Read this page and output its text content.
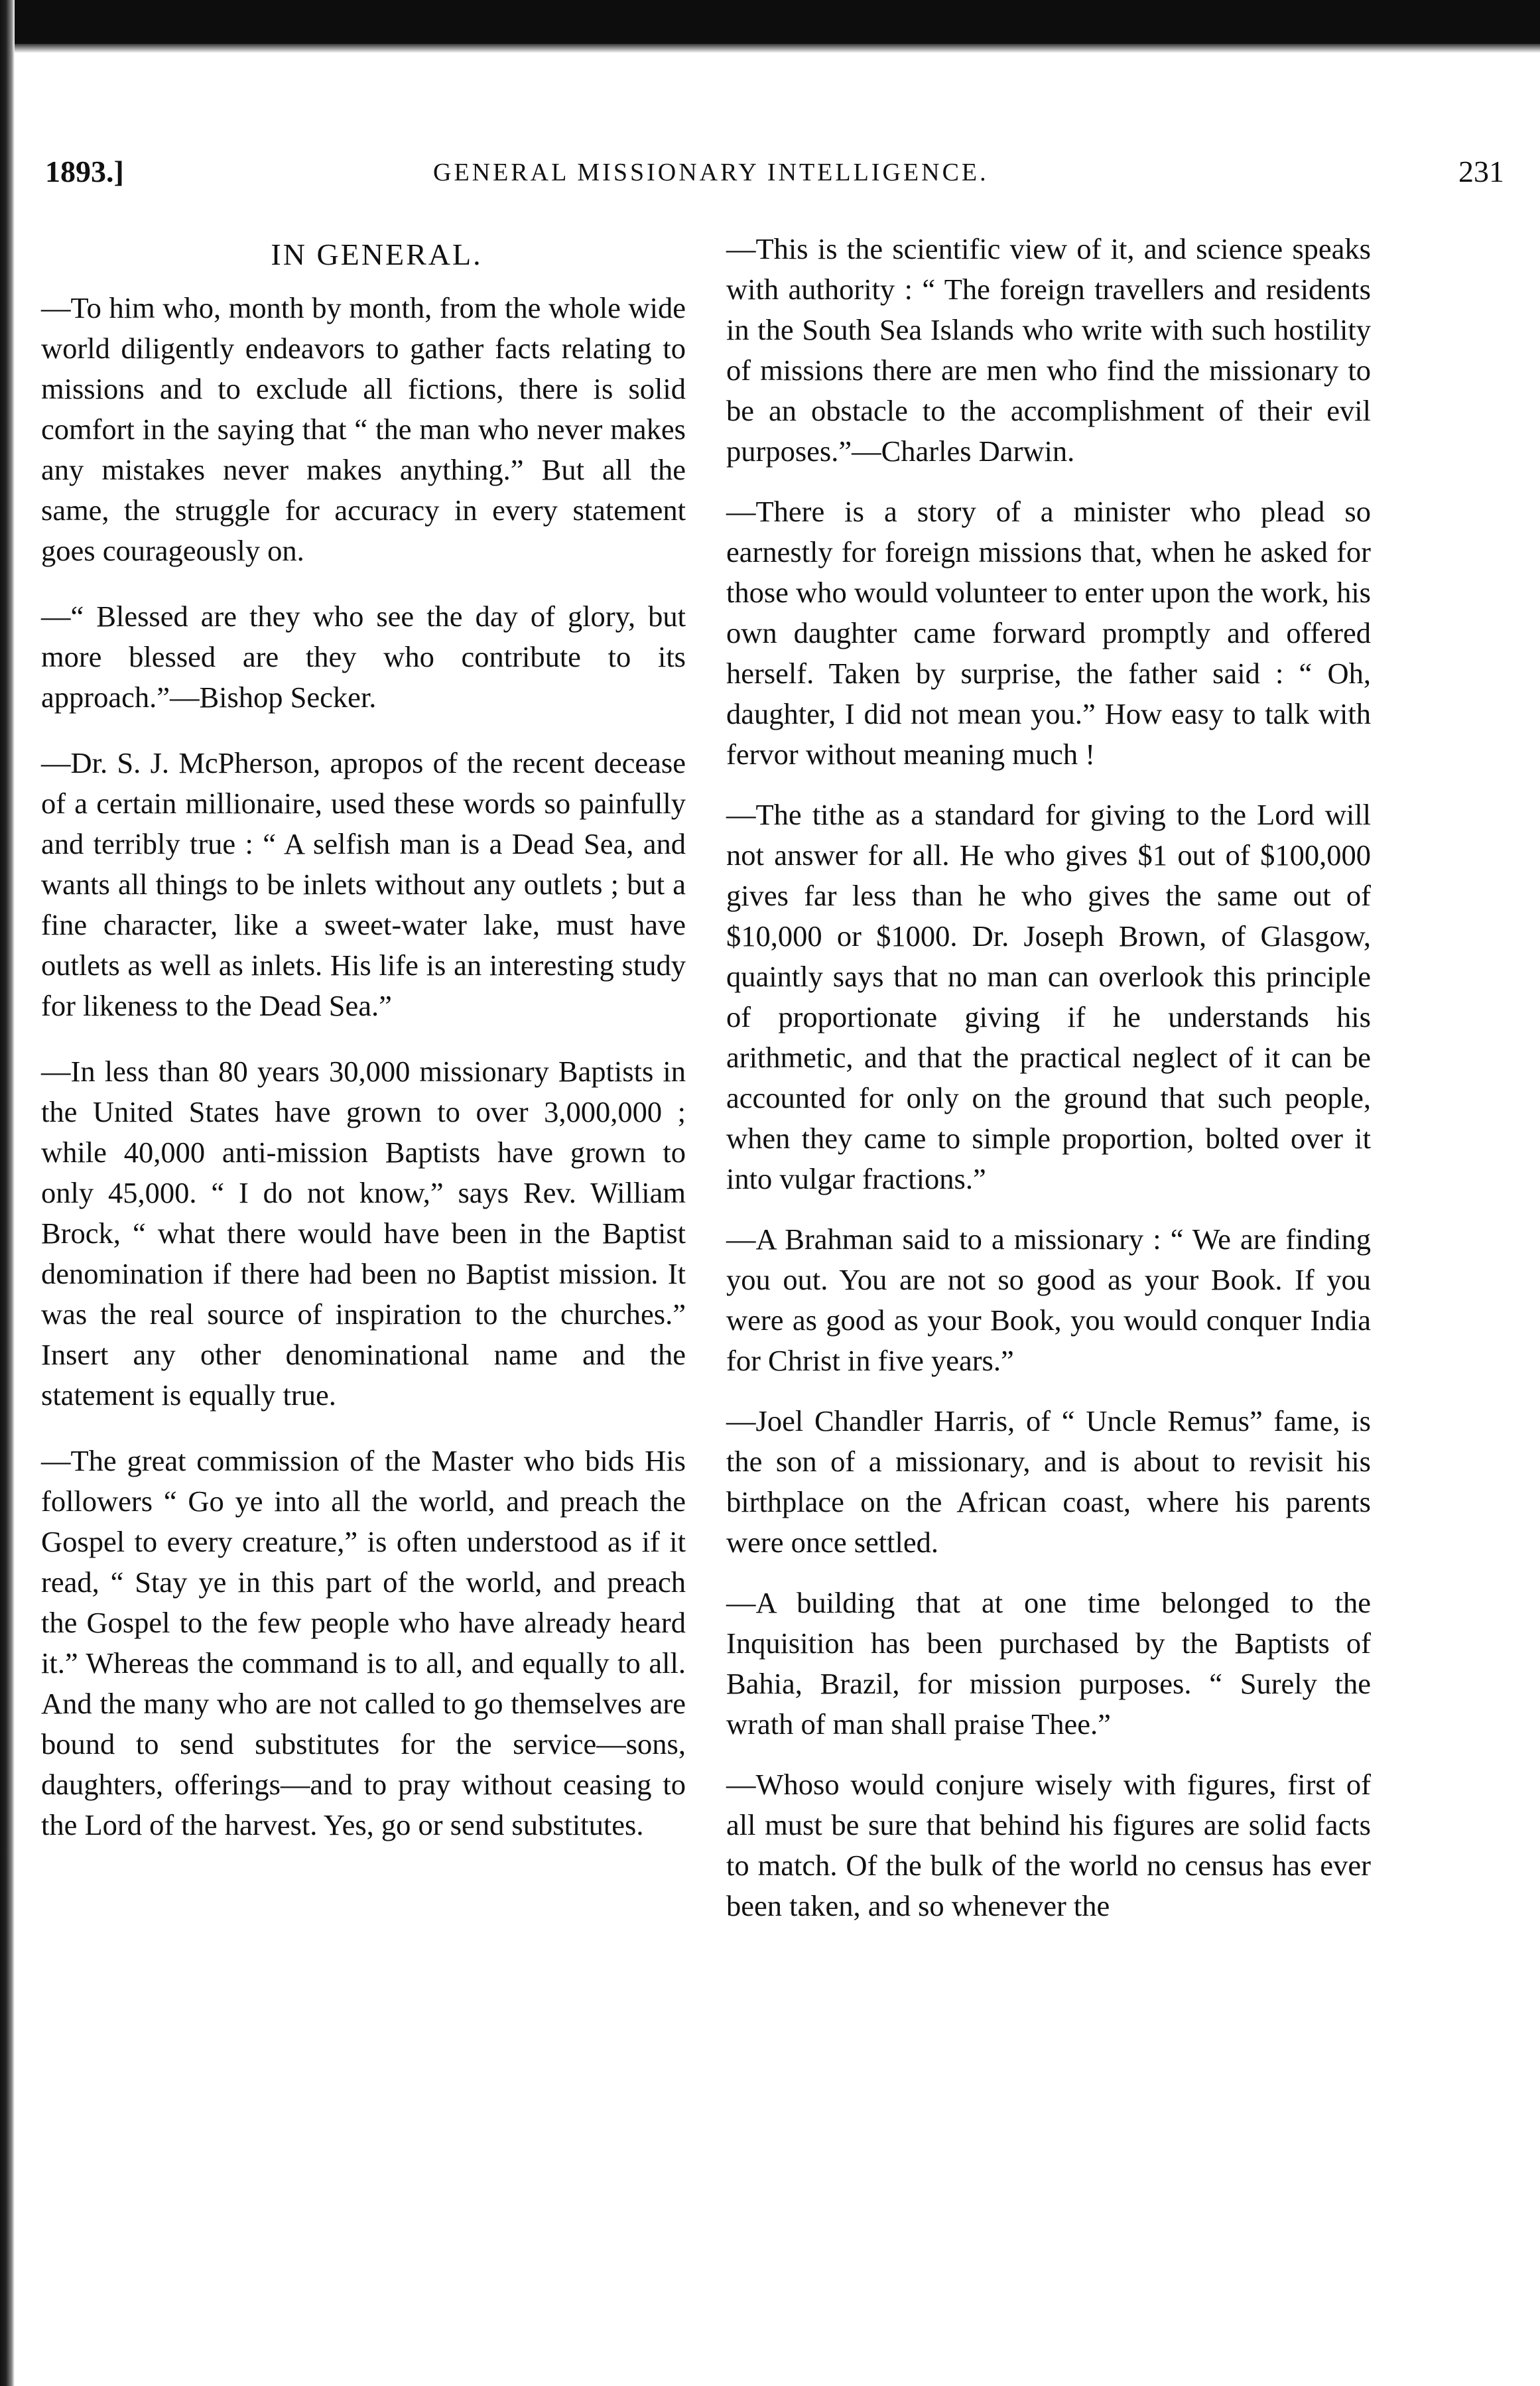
1893.]	GENERAL MISSIONARY INTELLIGENCE.	231
IN GENERAL.

—To him who, month by month, from the whole wide world diligently endeavors to gather facts relating to missions and to exclude all fictions, there is solid comfort in the saying that “ the man who never makes any mistakes never makes anything.” But all the same, the struggle for accuracy in every statement goes courageously on.

—“ Blessed are they who see the day of glory, but more blessed are they who contribute to its approach.”—Bishop Secker.

—Dr. S. J. McPherson, apropos of the recent decease of a certain millionaire, used these words so painfully and terribly true : “ A selfish man is a Dead Sea, and wants all things to be inlets without any outlets ; but a fine character, like a sweet-water lake, must have outlets as well as inlets. His life is an interesting study for likeness to the Dead Sea.”

—In less than 80 years 30,000 missionary Baptists in the United States have grown to over 3,000,000 ; while 40,000 anti-mission Baptists have grown to only 45,000. “ I do not know,” says Rev. William Brock, “ what there would have been in the Baptist denomination if there had been no Baptist mission. It was the real source of inspiration to the churches.” Insert any other denominational name and the statement is equally true.

—The great commission of the Master who bids His followers “ Go ye into all the world, and preach the Gospel to every creature,” is often understood as if it read, “ Stay ye in this part of the world, and preach the Gospel to the few people who have already heard it.” Whereas the command is to all, and equally to all. And the many who are not called to go themselves are bound to send substitutes for the service—sons, daughters, offerings—and to pray without ceasing to the Lord of the harvest. Yes, go or send substitutes.

—This is the scientific view of it, and science speaks with authority : “ The foreign travellers and residents in the South Sea Islands who write with such hostility of missions there are men who find the missionary to be an obstacle to the accomplishment of their evil purposes.”—Charles Darwin.

—There is a story of a minister who plead so earnestly for foreign missions that, when he asked for those who would volunteer to enter upon the work, his own daughter came forward promptly and offered herself. Taken by surprise, the father said : “ Oh, daughter, I did not mean you.” How easy to talk with fervor without meaning much !

—The tithe as a standard for giving to the Lord will not answer for all. He who gives $1 out of $100,000 gives far less than he who gives the same out of $10,000 or $1000. Dr. Joseph Brown, of Glasgow, quaintly says that no man can overlook this principle of proportionate giving if he understands his arithmetic, and that the practical neglect of it can be accounted for only on the ground that such people, when they came to simple proportion, bolted over it into vulgar fractions.”

—A Brahman said to a missionary : “ We are finding you out. You are not so good as your Book. If you were as good as your Book, you would conquer India for Christ in five years.”

—Joel Chandler Harris, of “ Uncle Remus” fame, is the son of a missionary, and is about to revisit his birthplace on the African coast, where his parents were once settled.

—A building that at one time belonged to the Inquisition has been purchased by the Baptists of Bahia, Brazil, for mission purposes. “ Surely the wrath of man shall praise Thee.”

—Whoso would conjure wisely with figures, first of all must be sure that behind his figures are solid facts to match. Of the bulk of the world no census has ever been taken, and so whenever the
